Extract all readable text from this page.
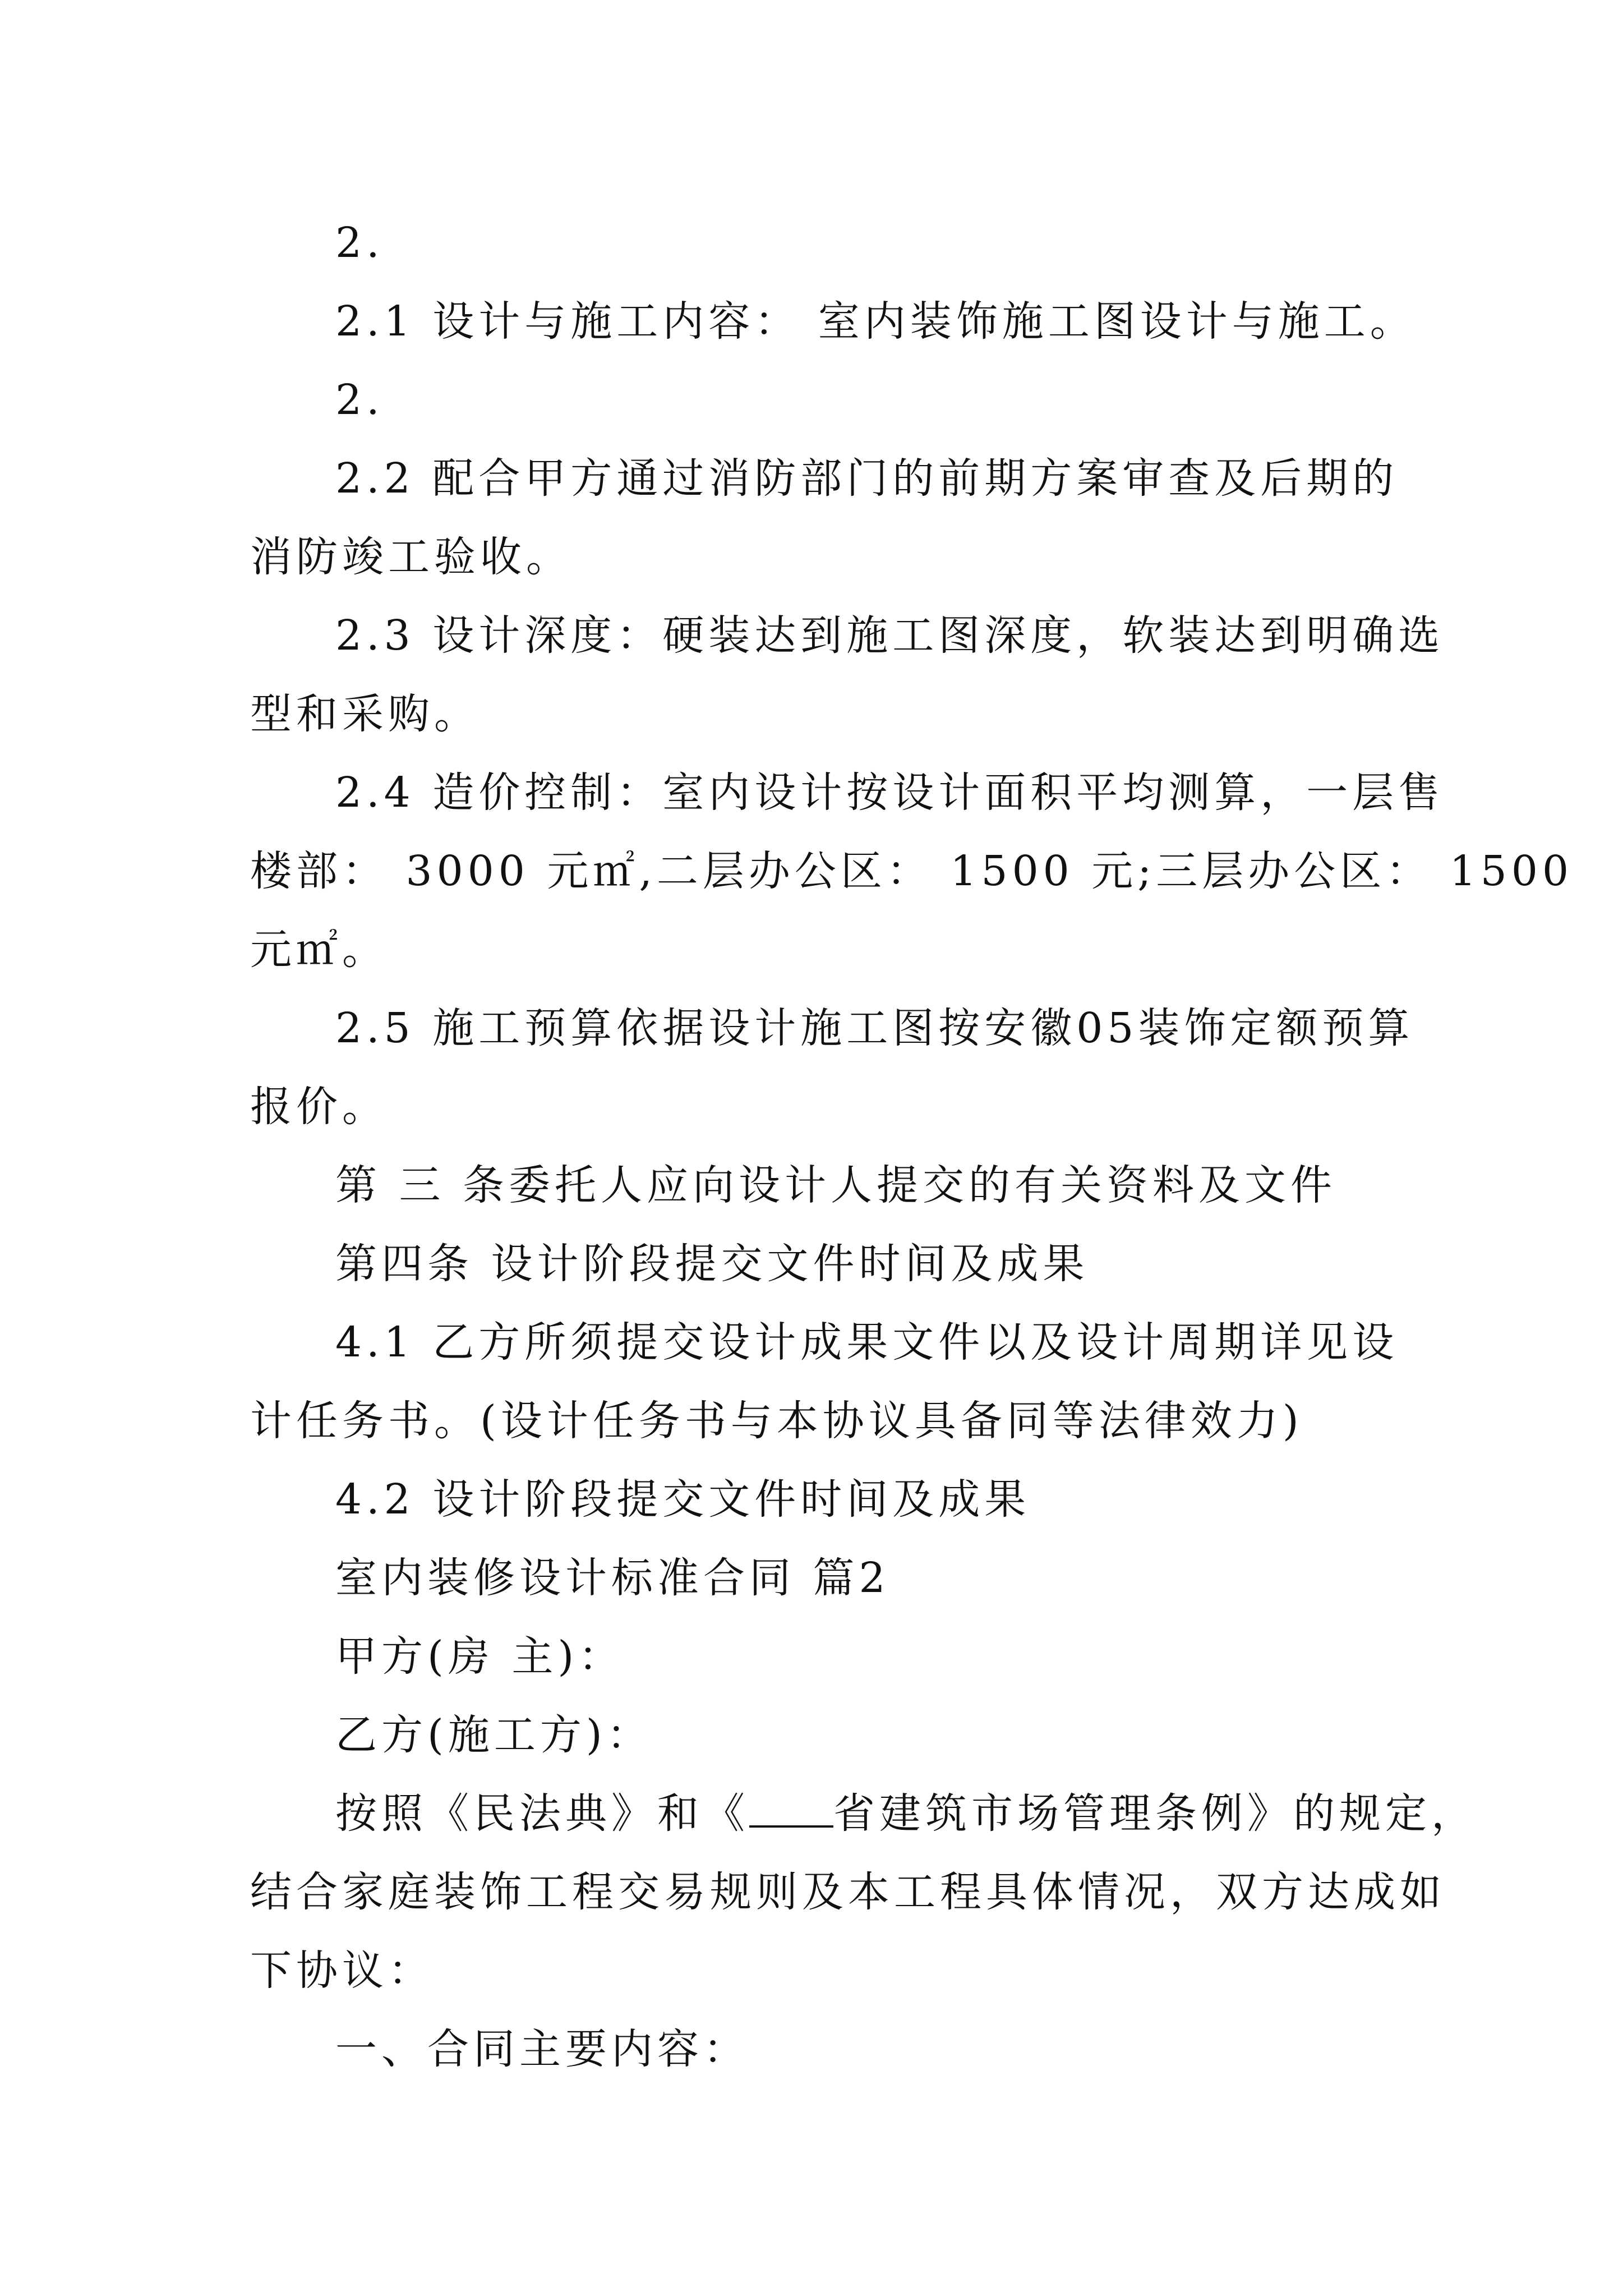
2.
2.1 设计与施工内容： 室内装饰施工图设计与施工。
2.
2.2 配合甲方通过消防部门的前期方案审查及后期的
消防竣工验收。
2.3 设计深度：硬装达到施工图深度，软装达到明确选
型和采购。
2.4 造价控制：室内设计按设计面积平均测算，一层售
楼部： 3000 元㎡,二层办公区： 1500 元;三层办公区： 1500
元㎡。
2.5 施工预算依据设计施工图按安徽05装饰定额预算
报价。
第 三 条委托人应向设计人提交的有关资料及文件
第四条 设计阶段提交文件时间及成果
4.1 乙方所须提交设计成果文件以及设计周期详见设
计任务书。(设计任务书与本协议具备同等法律效力)
4.2 设计阶段提交文件时间及成果
室内装修设计标准合同 篇2
甲方(房 主)：
乙方(施工方)：
按照《民法典》和《 省建筑市场管理条例》的规定，
结合家庭装饰工程交易规则及本工程具体情况，双方达成如
下协议：
一、合同主要内容：
